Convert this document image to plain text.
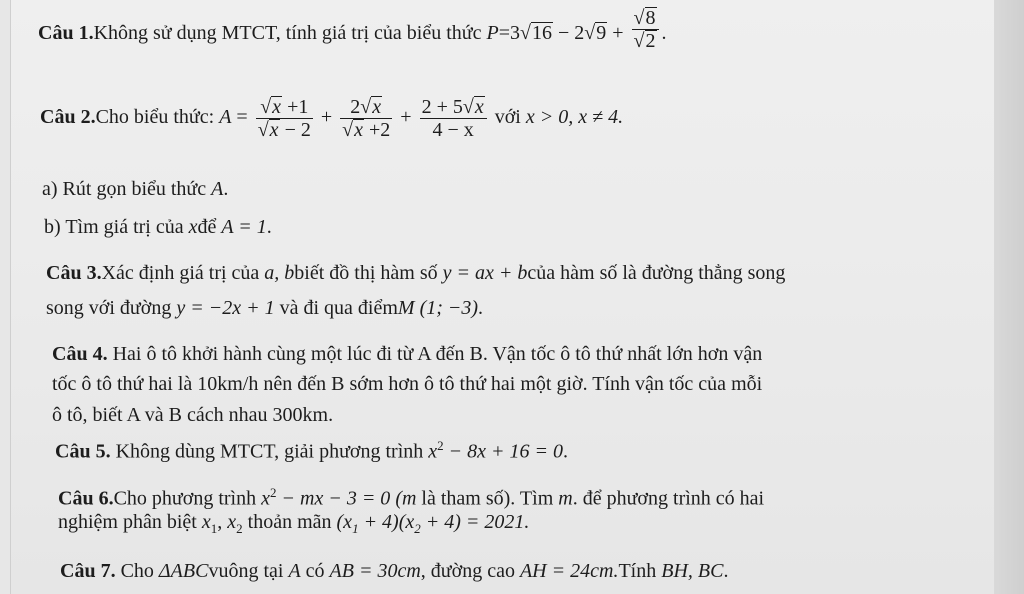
Câu 1.Không sử dụng MTCT, tính giá trị của biểu thức $P=3√16 - 2√9 + \frac{√8}{√2}$ .
Câu 2.Cho biểu thức: $A = \frac{√x +1}{√x - 2} + \frac{2√x}{√x +2} + \frac{2 + 5√x}{4 - x}$ với x > 0, x ≠ 4.
a) Rút gọn biểu thức A.
b) Tìm giá trị của xđể A = 1.
Câu 3.Xác định giá trị của a, bbiết đồ thị hàm số y = ax + bcủa hàm số là đường thẳng song
song với đường y = −2x + 1 và đi qua điểmM (1; −3).
Câu 4. Hai ô tô khởi hành cùng một lúc đi từ A đến B. Vận tốc ô tô thứ nhất lớn hơn vận
tốc ô tô thứ hai là 10km/h nên đến B sớm hơn ô tô thứ hai một giờ. Tính vận tốc của mỗi
ô tô, biết A và B cách nhau 300km.
Câu 5. Không dùng MTCT, giải phương trình $x^2 - 8x + 16 = 0$.
Câu 6.Cho phương trình $x^2$ − mx − 3 = 0 (m là tham số). Tìm m. để phương trình có hai
nghiệm phân biệt $x_1$, $x_2$ thoản mãn $(x_1 + 4)(x_2 + 4) = 2021$.
Câu 7. Cho ΔABCvuông tại A có AB = 30cm, đường cao AH = 24cm.Tính BH, BC.
